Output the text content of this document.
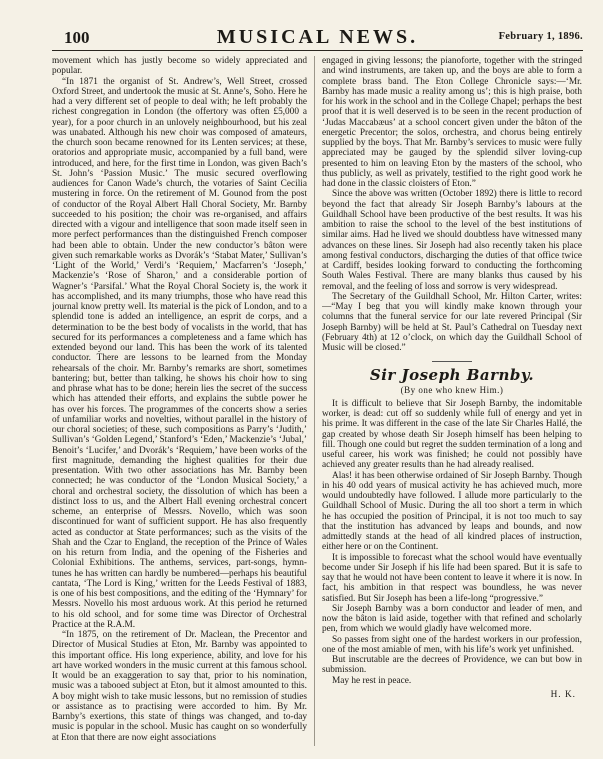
100	MUSICAL NEWS.	February 1, 1896.

movement which has justly become so widely appreciated and popular.

“In 1871 the organist of St. Andrew’s, Well Street, crossed Oxford Street, and undertook the music at St. Anne’s, Soho. Here he had a very different set of people to deal with; he left probably the richest congregation in London (the offertory was often £5,000 a year), for a poor church in an unlovely neighbourhood, but his zeal was unabated. Although his new choir was composed of amateurs, the church soon became renowned for its Lenten services; at these, oratorios and appropriate music, accompanied by a full band, were introduced, and here, for the first time in London, was given Bach’s St. John’s ‘Passion Music.’ The music secured overflowing audiences for Canon Wade’s church, the votaries of Saint Cecilia mustering in force. On the retirement of M. Gounod from the post of conductor of the Royal Albert Hall Choral Society, Mr. Barnby succeeded to his position; the choir was re-organised, and affairs directed with a vigour and intelligence that soon made itself seen in more perfect performances than the distinguished French composer had been able to obtain. Under the new conductor’s bâton were given such remarkable works as Dvorák’s ‘Stabat Mater,’ Sullivan’s ‘Light of the World,’ Verdi’s ‘Requiem,’ Macfarren’s ‘Joseph,’ Mackenzie’s ‘Rose of Sharon,’ and a considerable portion of Wagner’s ‘Parsifal.’ What the Royal Choral Society is, the work it has accomplished, and its many triumphs, those who have read this journal know pretty well. Its material is the pick of London, and to a splendid tone is added an intelligence, an esprit de corps, and a determination to be the best body of vocalists in the world, that has secured for its performances a completeness and a fame which has extended beyond our land. This has been the work of its talented conductor. There are lessons to be learned from the Monday rehearsals of the choir. Mr. Barnby’s remarks are short, sometimes bantering; but, better than talking, he shows his choir how to sing and phrase what has to be done; herein lies the secret of the success which has attended their efforts, and explains the subtle power he has over his forces. The programmes of the concerts show a series of unfamiliar works and novelties, without parallel in the history of our choral societies; of these, such compositions as Parry’s ‘Judith,’ Sullivan’s ‘Golden Legend,’ Stanford’s ‘Eden,’ Mackenzie’s ‘Jubal,’ Benoit’s ‘Lucifer,’ and Dvorák’s ‘Requiem,’ have been works of the first magnitude, demanding the highest qualities for their due presentation. With two other associations has Mr. Barnby been connected; he was conductor of the ‘London Musical Society,’ a choral and orchestral society, the dissolution of which has been a distinct loss to us, and the Albert Hall evening orchestral concert scheme, an enterprise of Messrs. Novello, which was soon discontinued for want of sufficient support. He has also frequently acted as conductor at State performances; such as the visits of the Shah and the Czar to England, the reception of the Prince of Wales on his return from India, and the opening of the Fisheries and Colonial Exhibitions. The anthems, services, part-songs, hymn-tunes he has written can hardly be numbered—perhaps his beautiful cantata, ‘The Lord is King,’ written for the Leeds Festival of 1883, is one of his best compositions, and the editing of the ‘Hymnary’ for Messrs. Novello his most arduous work. At this period he returned to his old school, and for some time was Director of Orchestral Practice at the R.A.M.

“In 1875, on the retirement of Dr. Maclean, the Precentor and Director of Musical Studies at Eton, Mr. Barnby was appointed to this important office. His long experience, ability, and love for his art have worked wonders in the music current at this famous school. It would be an exaggeration to say that, prior to his nomination, music was a tabooed subject at Eton, but it almost amounted to this. A boy might wish to take music lessons, but no remission of studies or assistance as to practising were accorded to him. By Mr. Barnby’s exertions, this state of things was changed, and to-day music is popular in the school. Music has caught on so wonderfully at Eton that there are now eight associations

engaged in giving lessons; the pianoforte, together with the stringed and wind instruments, are taken up, and the boys are able to form a complete brass band. The Eton College Chronicle says:—‘Mr. Barnby has made music a reality among us’; this is high praise, both for his work in the school and in the College Chapel; perhaps the best proof that it is well deserved is to be seen in the recent production of ‘Judas Maccabæus’ at a school concert given under the bâton of the energetic Precentor; the solos, orchestra, and chorus being entirely supplied by the boys. That Mr. Barnby’s services to music were fully appreciated may be gauged by the splendid silver loving-cup presented to him on leaving Eton by the masters of the school, who thus publicly, as well as privately, testified to the right good work he had done in the classic cloisters of Eton.”

Since the above was written (October 1892) there is little to record beyond the fact that already Sir Joseph Barnby’s labours at the Guildhall School have been productive of the best results. It was his ambition to raise the school to the level of the best institutions of similar aims. Had he lived we should doubtless have witnessed many advances on these lines. Sir Joseph had also recently taken his place among festival conductors, discharging the duties of that office twice at Cardiff, besides looking forward to conducting the forthcoming South Wales Festival. There are many blanks thus caused by his removal, and the feeling of loss and sorrow is very widespread.

The Secretary of the Guildhall School, Mr. Hilton Carter, writes:—“May I beg that you will kindly make known through your columns that the funeral service for our late revered Principal (Sir Joseph Barnby) will be held at St. Paul’s Cathedral on Tuesday next (February 4th) at 12 o’clock, on which day the Guildhall School of Music will be closed.”

Sir Joseph Barnby.
(By one who knew Him.)

It is difficult to believe that Sir Joseph Barnby, the indomitable worker, is dead: cut off so suddenly while full of energy and yet in his prime. It was different in the case of the late Sir Charles Hallé, the gap created by whose death Sir Joseph himself has been helping to fill. Though one could but regret the sudden termination of a long and useful career, his work was finished; he could not possibly have achieved any greater results than he had already realised.

Alas! it has been otherwise ordained of Sir Joseph Barnby. Though in his 40 odd years of musical activity he has achieved much, more would undoubtedly have followed. I allude more particularly to the Guildhall School of Music. During the all too short a term in which he has occupied the position of Principal, it is not too much to say that the institution has advanced by leaps and bounds, and now admittedly stands at the head of all kindred places of instruction, either here or on the Continent.

It is impossible to forecast what the school would have eventually become under Sir Joseph if his life had been spared. But it is safe to say that he would not have been content to leave it where it is now. In fact, his ambition in that respect was boundless, he was never satisfied. But Sir Joseph has been a life-long “progressive.”

Sir Joseph Barnby was a born conductor and leader of men, and now the bâton is laid aside, together with that refined and scholarly pen, from which we would gladly have welcomed more.

So passes from sight one of the hardest workers in our profession, one of the most amiable of men, with his life’s work yet unfinished.

But inscrutable are the decrees of Providence, we can but bow in submission.

May he rest in peace.

H. K.
